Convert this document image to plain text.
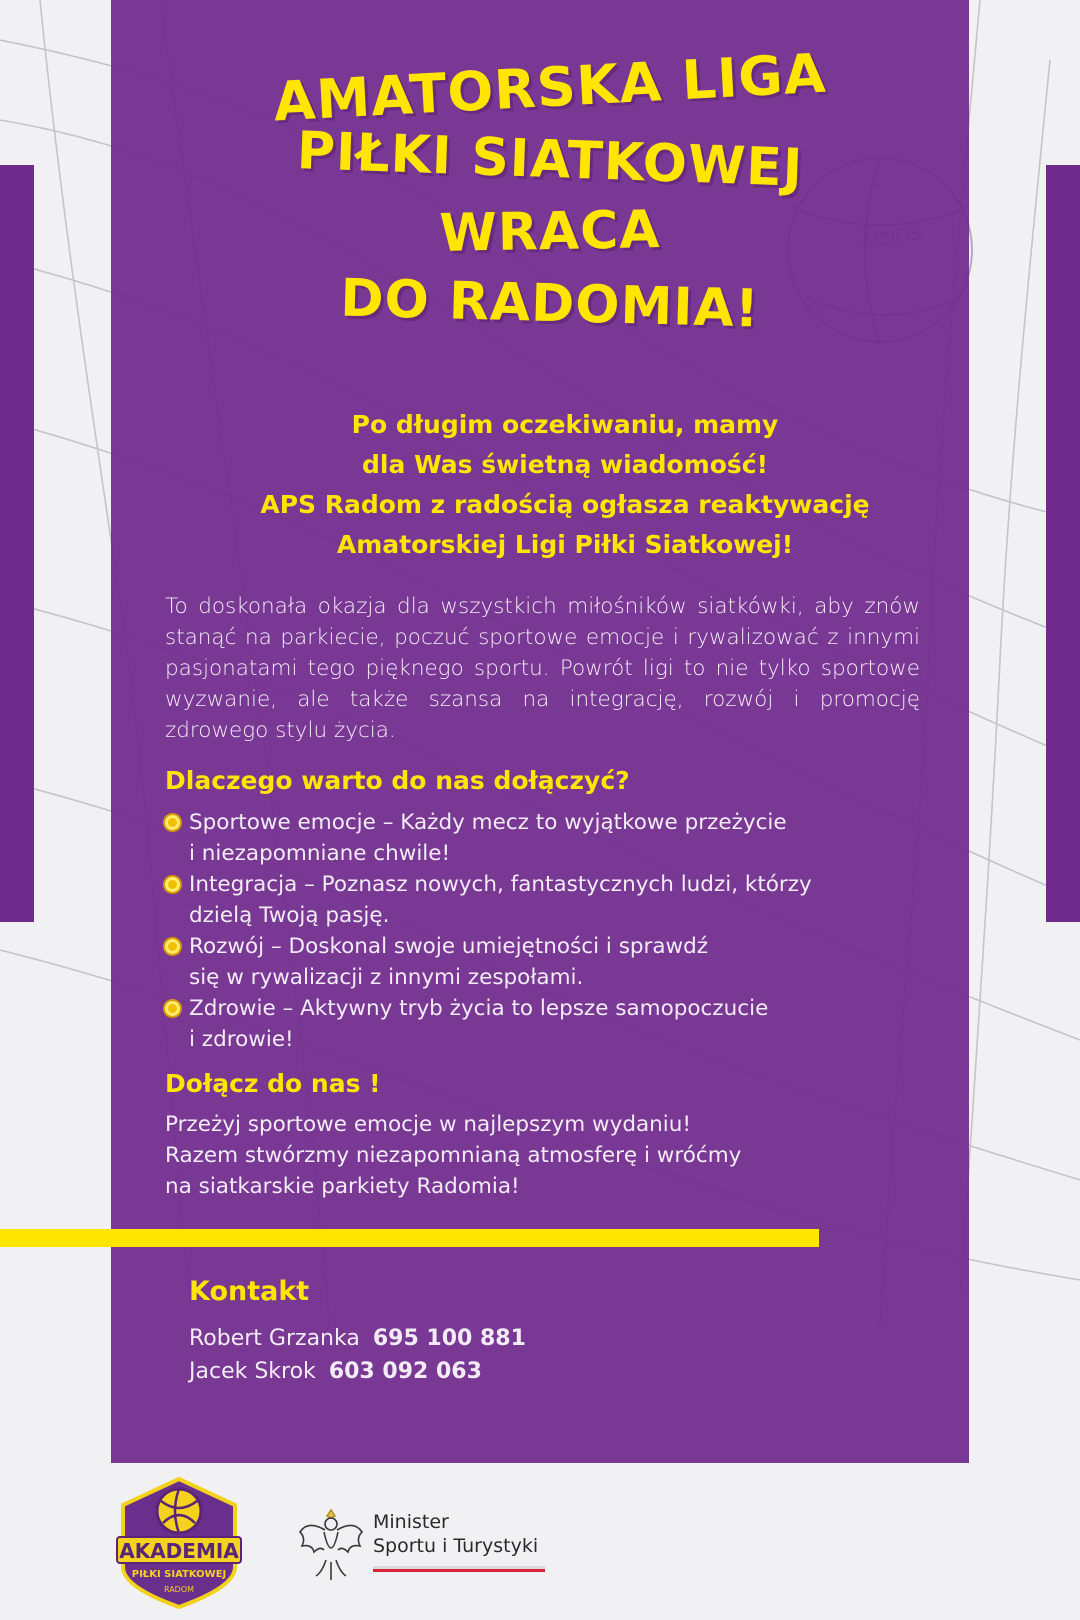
AMATORSKA LIGA
PIŁKI SIATKOWEJ
WRACA
DO RADOMIA!
Po długim oczekiwaniu, mamy
dla Was świetną wiadomość!
APS Radom z radością ogłasza reaktywację
Amatorskiej Ligi Piłki Siatkowej!

To doskonała okazja dla wszystkich miłośników siatkówki, aby znów stanąć na parkiecie, poczuć sportowe emocje i rywalizować z innymi pasjonatami tego pięknego sportu. Powrót ligi to nie tylko sportowe wyzwanie, ale także szansa na integrację, rozwój i promocję zdrowego stylu życia.

Dlaczego warto do nas dołączyć?
Sportowe emocje – Każdy mecz to wyjątkowe przeżycie
i niezapomniane chwile!
Integracja – Poznasz nowych, fantastycznych ludzi, którzy
dzielą Twoją pasję.
Rozwój – Doskonal swoje umiejętności i sprawdź
się w rywalizacji z innymi zespołami.
Zdrowie – Aktywny tryb życia to lepsze samopoczucie
i zdrowie!
Dołącz do nas !
Przeżyj sportowe emocje w najlepszym wydaniu!
Razem stwórzmy niezapomnianą atmosferę i wróćmy
na siatkarskie parkiety Radomia!
Kontakt
Robert Grzanka 695 100 881
Jacek Skrok 603 092 063
AKADEMIA
PIŁKI SIATKOWEJ
RADOM
Minister
Sportu i Turystyki
